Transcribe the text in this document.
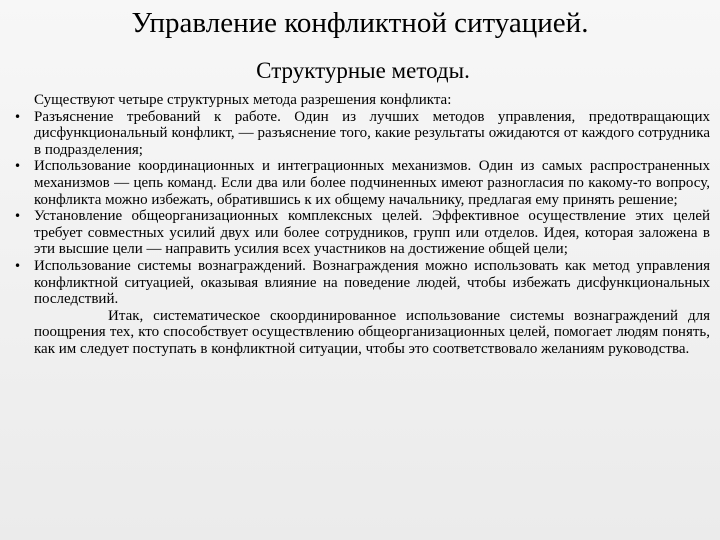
Управление конфликтной ситуацией.
Структурные методы.

Существуют четыре структурных метода разрешения конфликта:

• Разъяснение требований к работе. Один из лучших методов управления, предотвращающих дисфункциональный конфликт, — разъяснение того, какие результаты ожидаются от каждого сотрудника в подразделения;
• Использование координационных и интеграционных механизмов. Один из самых распространенных механизмов — цепь команд. Если два или более подчиненных имеют разногласия по какому-то вопросу, конфликта можно избежать, обратившись к их общему начальнику, предлагая ему принять решение;
• Установление общеорганизационных комплексных целей. Эффективное осуществление этих целей требует совместных усилий двух или более сотрудников, групп или отделов. Идея, которая заложена в эти высшие цели — направить усилия всех участников на достижение общей цели;
• Использование системы вознаграждений. Вознаграждения можно использовать как метод управления конфликтной ситуацией, оказывая влияние на поведение людей, чтобы избежать дисфункциональных последствий.

Итак, систематическое скоординированное использование системы вознаграждений для поощрения тех, кто способствует осуществлению общеорганизационных целей, помогает людям понять, как им следует поступать в конфликтной ситуации, чтобы это соответствовало желаниям руководства.
